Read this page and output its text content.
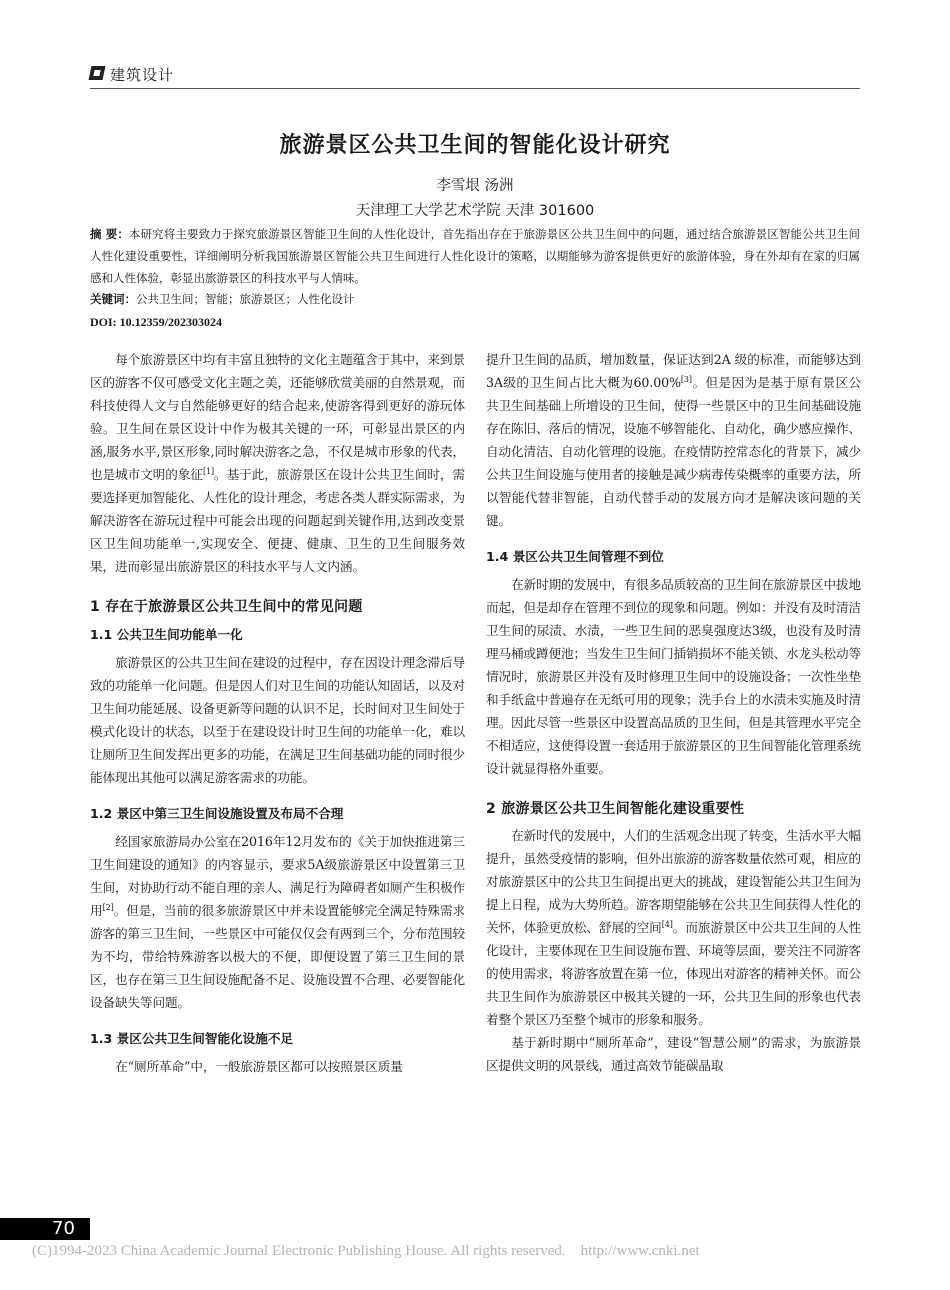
建筑设计
旅游景区公共卫生间的智能化设计研究
李雪垠 汤洲
天津理工大学艺术学院 天津 301600
摘 要：本研究将主要致力于探究旅游景区智能卫生间的人性化设计，首先指出存在于旅游景区公共卫生间中的问题，通过结合旅游景区智能公共卫生间人性化建设重要性，详细阐明分析我国旅游景区智能公共卫生间进行人性化设计的策略，以期能够为游客提供更好的旅游体验，身在外却有在家的归属感和人性体验，彰显出旅游景区的科技水平与人情味。
关键词：公共卫生间；智能；旅游景区；人性化设计
DOI: 10.12359/202303024

每个旅游景区中均有丰富且独特的文化主题蕴含于其中，来到景区的游客不仅可感受文化主题之美，还能够欣赏美丽的自然景观，而科技使得人文与自然能够更好的结合起来,使游客得到更好的游玩体验。卫生间在景区设计中作为极其关键的一环，可彰显出景区的内涵,服务水平,景区形象,同时解决游客之急，不仅是城市形象的代表，也是城市文明的象征[1]。基于此，旅游景区在设计公共卫生间时，需要选择更加智能化、人性化的设计理念，考虑各类人群实际需求，为解决游客在游玩过程中可能会出现的问题起到关键作用,达到改变景区卫生间功能单一,实现安全、便捷、健康、卫生的卫生间服务效果，进而彰显出旅游景区的科技水平与人文内涵。

1 存在于旅游景区公共卫生间中的常见问题
1.1 公共卫生间功能单一化

旅游景区的公共卫生间在建设的过程中，存在因设计理念滞后导致的功能单一化问题。但是因人们对卫生间的功能认知固话，以及对卫生间功能延展、设备更新等问题的认识不足，长时间对卫生间处于模式化设计的状态，以至于在建设设计时卫生间的功能单一化，难以让厕所卫生间发挥出更多的功能，在满足卫生间基础功能的同时很少能体现出其他可以满足游客需求的功能。

1.2 景区中第三卫生间设施设置及布局不合理

经国家旅游局办公室在2016年12月发布的《关于加快推进第三卫生间建设的通知》的内容显示，要求5A级旅游景区中设置第三卫生间，对协助行动不能自理的亲人、满足行为障碍者如厕产生积极作用[2]。但是，当前的很多旅游景区中并未设置能够完全满足特殊需求游客的第三卫生间，一些景区中可能仅仅会有两到三个，分布范围较为不均，带给特殊游客以极大的不便，即便设置了第三卫生间的景区，也存在第三卫生间设施配备不足、设施设置不合理、必要智能化设备缺失等问题。

1.3 景区公共卫生间智能化设施不足

在“厕所革命”中，一般旅游景区都可以按照景区质量

提升卫生间的品质，增加数量，保证达到2A 级的标准，而能够达到3A级的卫生间占比大概为60.00%[3]。但是因为是基于原有景区公共卫生间基础上所增设的卫生间，使得一些景区中的卫生间基础设施存在陈旧、落后的情况，设施不够智能化、自动化，确少感应操作、自动化清洁、自动化管理的设施。在疫情防控常态化的背景下，减少公共卫生间设施与使用者的接触是减少病毒传染概率的重要方法，所以智能代替非智能，自动代替手动的发展方向才是解决该问题的关键。

1.4 景区公共卫生间管理不到位

在新时期的发展中，有很多品质较高的卫生间在旅游景区中拔地而起，但是却存在管理不到位的现象和问题。例如：并没有及时清洁卫生间的尿渍、水渍，一些卫生间的恶臭强度达3级，也没有及时清理马桶或蹲便池；当发生卫生间门插销损坏不能关锁、水龙头松动等情况时，旅游景区并没有及时修理卫生间中的设施设备；一次性坐垫和手纸盒中普遍存在无纸可用的现象；洗手台上的水渍未实施及时清理。因此尽管一些景区中设置高品质的卫生间，但是其管理水平完全不相适应，这使得设置一套适用于旅游景区的卫生间智能化管理系统设计就显得格外重要。

2 旅游景区公共卫生间智能化建设重要性

在新时代的发展中，人们的生活观念出现了转变，生活水平大幅提升，虽然受疫情的影响，但外出旅游的游客数量依然可观，相应的对旅游景区中的公共卫生间提出更大的挑战，建设智能公共卫生间为提上日程，成为大势所趋。游客期望能够在公共卫生间获得人性化的关怀，体验更放松、舒展的空间[4]。而旅游景区中公共卫生间的人性化设计，主要体现在卫生间设施布置、环境等层面，要关注不同游客的使用需求，将游客放置在第一位，体现出对游客的精神关怀。而公共卫生间作为旅游景区中极其关键的一环，公共卫生间的形象也代表着整个景区乃至整个城市的形象和服务。

基于新时期中“厕所革命”，建设“智慧公厕”的需求，为旅游景区提供文明的风景线，通过高效节能碳晶取

70
(C)1994-2023 China Academic Journal Electronic Publishing House. All rights reserved.    http://www.cnki.net
